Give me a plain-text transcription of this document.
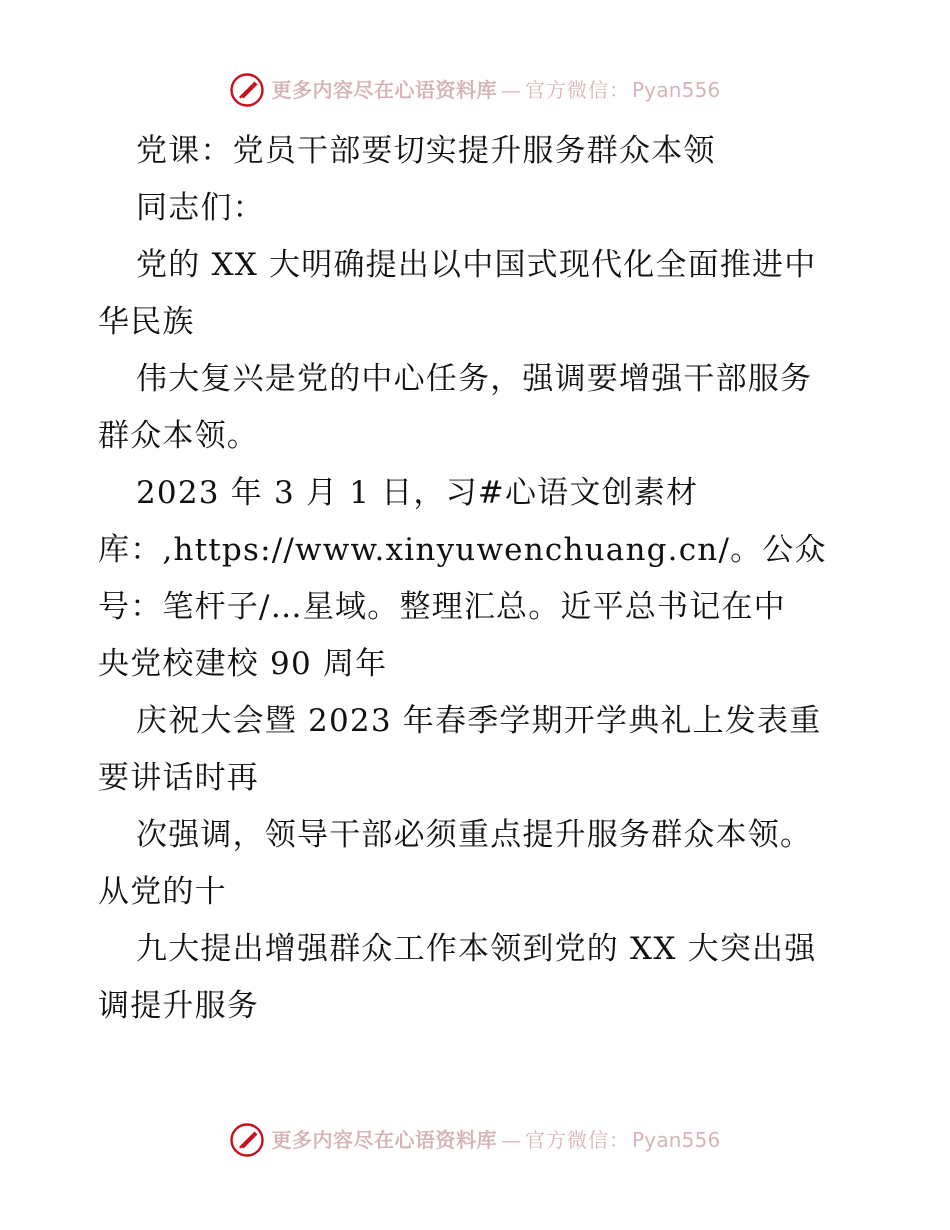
更多内容尽在心语资料库 — 官方微信： Pyan556
党课：党员干部要切实提升服务群众本领
同志们：
党的 XX 大明确提出以中国式现代化全面推进中
华民族
伟大复兴是党的中心任务，强调要增强干部服务
群众本领。
2023 年 3 月 1 日，习#心语文创素材
库：,https://www.xinyuwenchuang.cn/。公众
号：笔杆子/…星域。整理汇总。近平总书记在中
央党校建校 90 周年
庆祝大会暨 2023 年春季学期开学典礼上发表重
要讲话时再
次强调，领导干部必须重点提升服务群众本领。
从党的十
九大提出增强群众工作本领到党的 XX 大突出强
调提升服务
更多内容尽在心语资料库 — 官方微信： Pyan556
